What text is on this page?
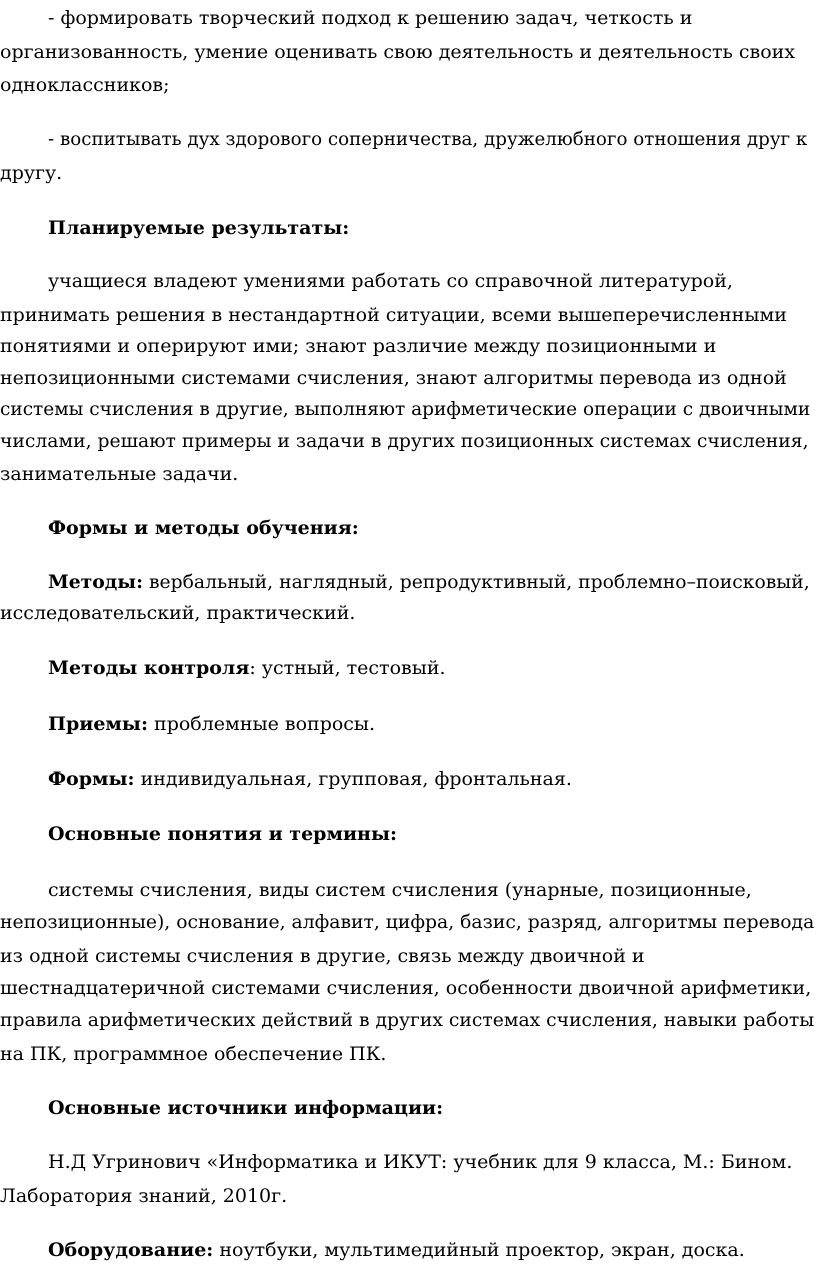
- формировать творческий подход к решению задач, четкость и
организованность, умение оценивать свою деятельность и деятельность своих
одноклассников;
- воспитывать дух здорового соперничества, дружелюбного отношения друг к
другу.
Планируемые результаты:
учащиеся владеют умениями работать со справочной литературой,
принимать решения в нестандартной ситуации, всеми вышеперечисленными
понятиями и оперируют ими; знают различие между позиционными и
непозиционными системами счисления, знают алгоритмы перевода из одной
системы счисления в другие, выполняют арифметические операции с двоичными
числами, решают примеры и задачи в других позиционных системах счисления,
занимательные задачи.
Формы и методы обучения:
Методы: вербальный, наглядный, репродуктивный, проблемно–поисковый,
исследовательский, практический.
Методы контроля: устный, тестовый.
Приемы: проблемные вопросы.
Формы: индивидуальная, групповая, фронтальная.
Основные понятия и термины:
системы счисления, виды систем счисления (унарные, позиционные,
непозиционные), основание, алфавит, цифра, базис, разряд, алгоритмы перевода
из одной системы счисления в другие, связь между двоичной и
шестнадцатеричной системами счисления, особенности двоичной арифметики,
правила арифметических действий в других системах счисления, навыки работы
на ПК, программное обеспечение ПК.
Основные источники информации:
Н.Д Угринович «Информатика и ИКУТ: учебник для 9 класса, М.: Бином.
Лаборатория знаний, 2010г.
Оборудование: ноутбуки, мультимедийный проектор, экран, доска.
